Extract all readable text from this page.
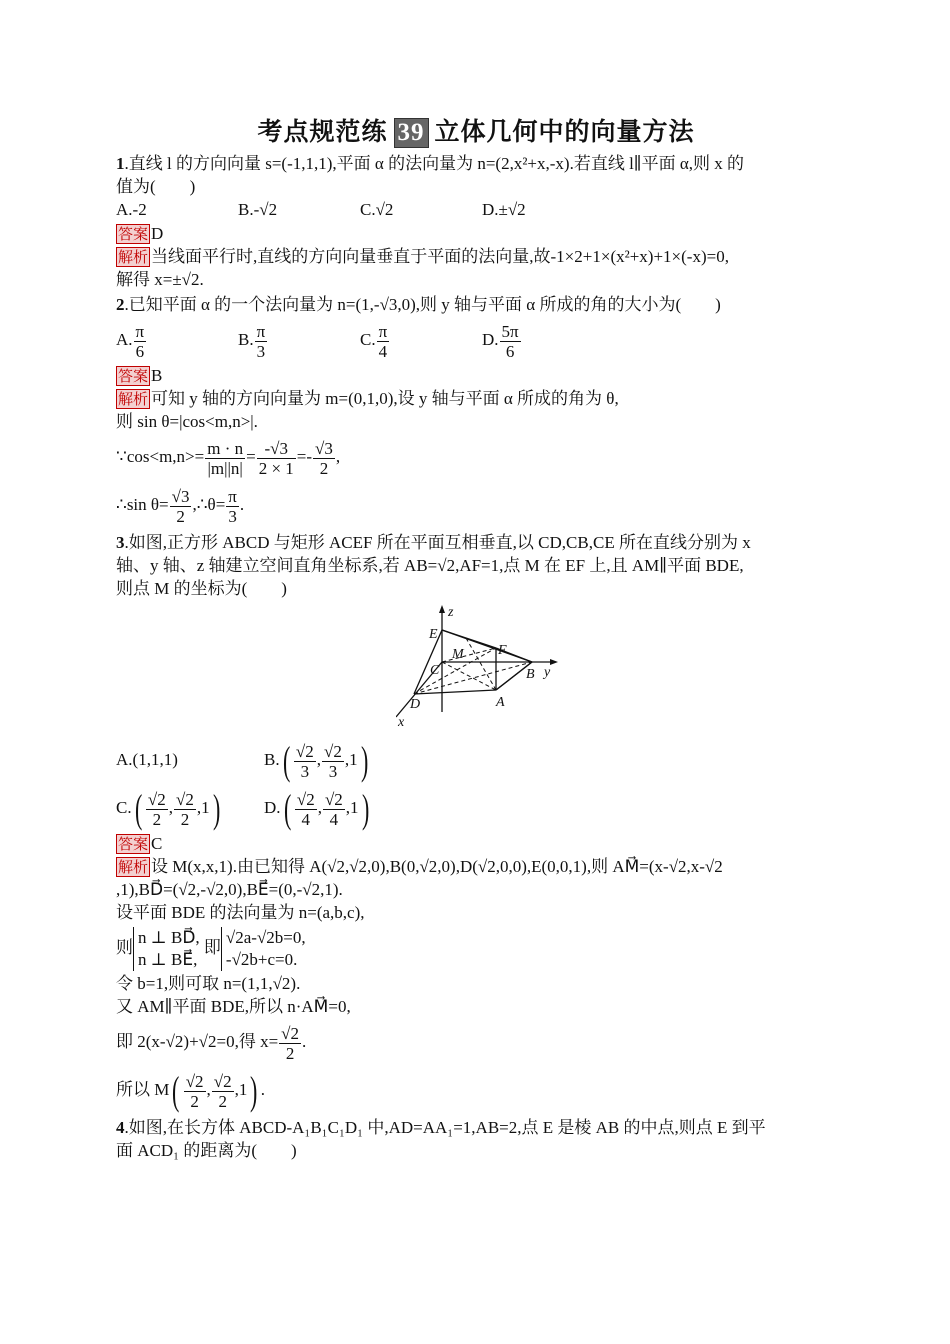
考点规范练 39 立体几何中的向量方法
1.直线 l 的方向向量 s=(-1,1,1),平面 α 的法向量为 n=(2,x²+x,-x).若直线 l∥平面 α,则 x 的
值为(　　)
A.-2	B.-√2	C.√2	D.±√2
答案 D
解析 当线面平行时,直线的方向向量垂直于平面的法向量,故-1×2+1×(x²+x)+1×(-x)=0,
解得 x=±√2.
2.已知平面 α 的一个法向量为 n=(1,-√3,0),则 y 轴与平面 α 所成的角的大小为(　　)
A. $\frac{\pi}{6}$	B. $\frac{\pi}{3}$	C. $\frac{\pi}{4}$	D. $\frac{5\pi}{6}$
答案 B
解析 可知 y 轴的方向向量为 m=(0,1,0),设 y 轴与平面 α 所成的角为 θ,
则 sin θ=|cos<m,n>|.
∵cos<m,n>= $\frac{m \cdot n}{|m||n|} = \frac{-√3}{2 \times 1} =- \frac{√3}{2}$ ,
∴sin $\theta= \frac{√3}{2}$ ,∴θ= $\frac{\pi}{3}$ .
3.如图,正方形 ABCD 与矩形 ACEF 所在平面互相垂直,以 CD,CB,CE 所在直线分别为 x
轴、y 轴、z 轴建立空间直角坐标系,若 AB=√2,AF=1,点 M 在 EF 上,且 AM∥平面 BDE,
则点 M 的坐标为(　　)
z
E
M F
C	B y
D	A
x
A.(1,1,1)	$B.( \frac{√2}{3}$ , $\frac{√2}{3} ,1$)
$C.( \frac{√2}{2}$ , $\frac{√2}{2} ,1$)	$D.( \frac{√2}{4}$ , $\frac{√2}{4} ,1$)
答案 C
解析 设 M(x,x,1).由已知得 A(√2,√2,0),B(0,√2,0),D(√2,0,0),E(0,0,1),则 AM⃗=(x-√2,x-√2
,1),BD⃗=(√2,-√2,0),BE⃗=(0,-√2,1).
设平面 BDE 的法向量为 n=(a,b,c),
则n ⊥ BD⃗,
n ⊥ BE⃗, 即√2a-√2b=0,
-√2b+c=0.
令 b=1,则可取 n=(1,1,√2).
又 AM∥平面 BDE,所以 n·AM⃗=0,
即 2(x-√2)+√2=0,得 $x= \frac{√2}{2}$ .
所以 $M( \frac{√2}{2}$ , $\frac{√2}{2} ,1$) .
4.如图,在长方体 ABCD-A₁B₁C₁D₁ 中,AD=AA₁=1,AB=2,点 E 是棱 AB 的中点,则点 E 到平
面 ACD₁ 的距离为(　　)
